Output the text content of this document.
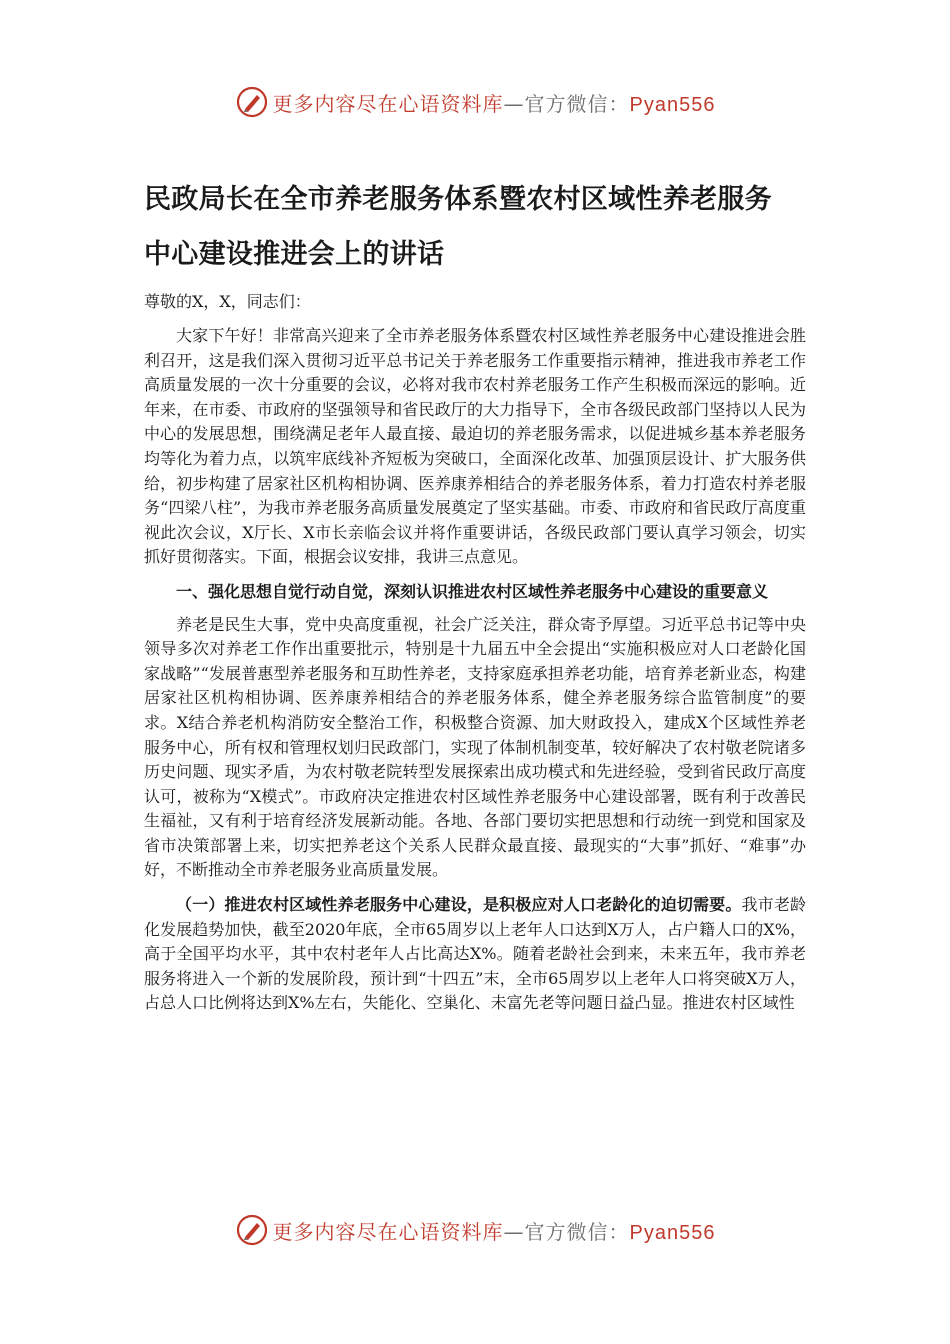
更多内容尽在心语资料库—官方微信：Pyan556
民政局长在全市养老服务体系暨农村区域性养老服务
中心建设推进会上的讲话
尊敬的X，X，同志们：

大家下午好！非常高兴迎来了全市养老服务体系暨农村区域性养老服务中心建设推进会胜利召开，这是我们深入贯彻习近平总书记关于养老服务工作重要指示精神，推进我市养老工作高质量发展的一次十分重要的会议，必将对我市农村养老服务工作产生积极而深远的影响。近年来，在市委、市政府的坚强领导和省民政厅的大力指导下，全市各级民政部门坚持以人民为中心的发展思想，围绕满足老年人最直接、最迫切的养老服务需求，以促进城乡基本养老服务均等化为着力点，以筑牢底线补齐短板为突破口，全面深化改革、加强顶层设计、扩大服务供给，初步构建了居家社区机构相协调、医养康养相结合的养老服务体系，着力打造农村养老服务“四梁八柱”，为我市养老服务高质量发展奠定了坚实基础。市委、市政府和省民政厅高度重视此次会议，X厅长、X市长亲临会议并将作重要讲话，各级民政部门要认真学习领会，切实抓好贯彻落实。下面，根据会议安排，我讲三点意见。

一、强化思想自觉行动自觉，深刻认识推进农村区域性养老服务中心建设的重要意义

养老是民生大事，党中央高度重视，社会广泛关注，群众寄予厚望。习近平总书记等中央领导多次对养老工作作出重要批示，特别是十九届五中全会提出“实施积极应对人口老龄化国家战略”“发展普惠型养老服务和互助性养老，支持家庭承担养老功能，培育养老新业态，构建居家社区机构相协调、医养康养相结合的养老服务体系，健全养老服务综合监管制度”的要求。X结合养老机构消防安全整治工作，积极整合资源、加大财政投入，建成X个区域性养老服务中心，所有权和管理权划归民政部门，实现了体制机制变革，较好解决了农村敬老院诸多历史问题、现实矛盾，为农村敬老院转型发展探索出成功模式和先进经验，受到省民政厅高度认可，被称为“X模式”。市政府决定推进农村区域性养老服务中心建设部署，既有利于改善民生福祉，又有利于培育经济发展新动能。各地、各部门要切实把思想和行动统一到党和国家及省市决策部署上来，切实把养老这个关系人民群众最直接、最现实的“大事”抓好、“难事”办好，不断推动全市养老服务业高质量发展。

（一）推进农村区域性养老服务中心建设，是积极应对人口老龄化的迫切需要。我市老龄化发展趋势加快，截至2020年底，全市65周岁以上老年人口达到X万人，占户籍人口的X%，高于全国平均水平，其中农村老年人占比高达X%。随着老龄社会到来，未来五年，我市养老服务将进入一个新的发展阶段，预计到“十四五”末，全市65周岁以上老年人口将突破X万人，占总人口比例将达到X%左右，失能化、空巢化、未富先老等问题日益凸显。推进农村区域性

更多内容尽在心语资料库—官方微信：Pyan556
